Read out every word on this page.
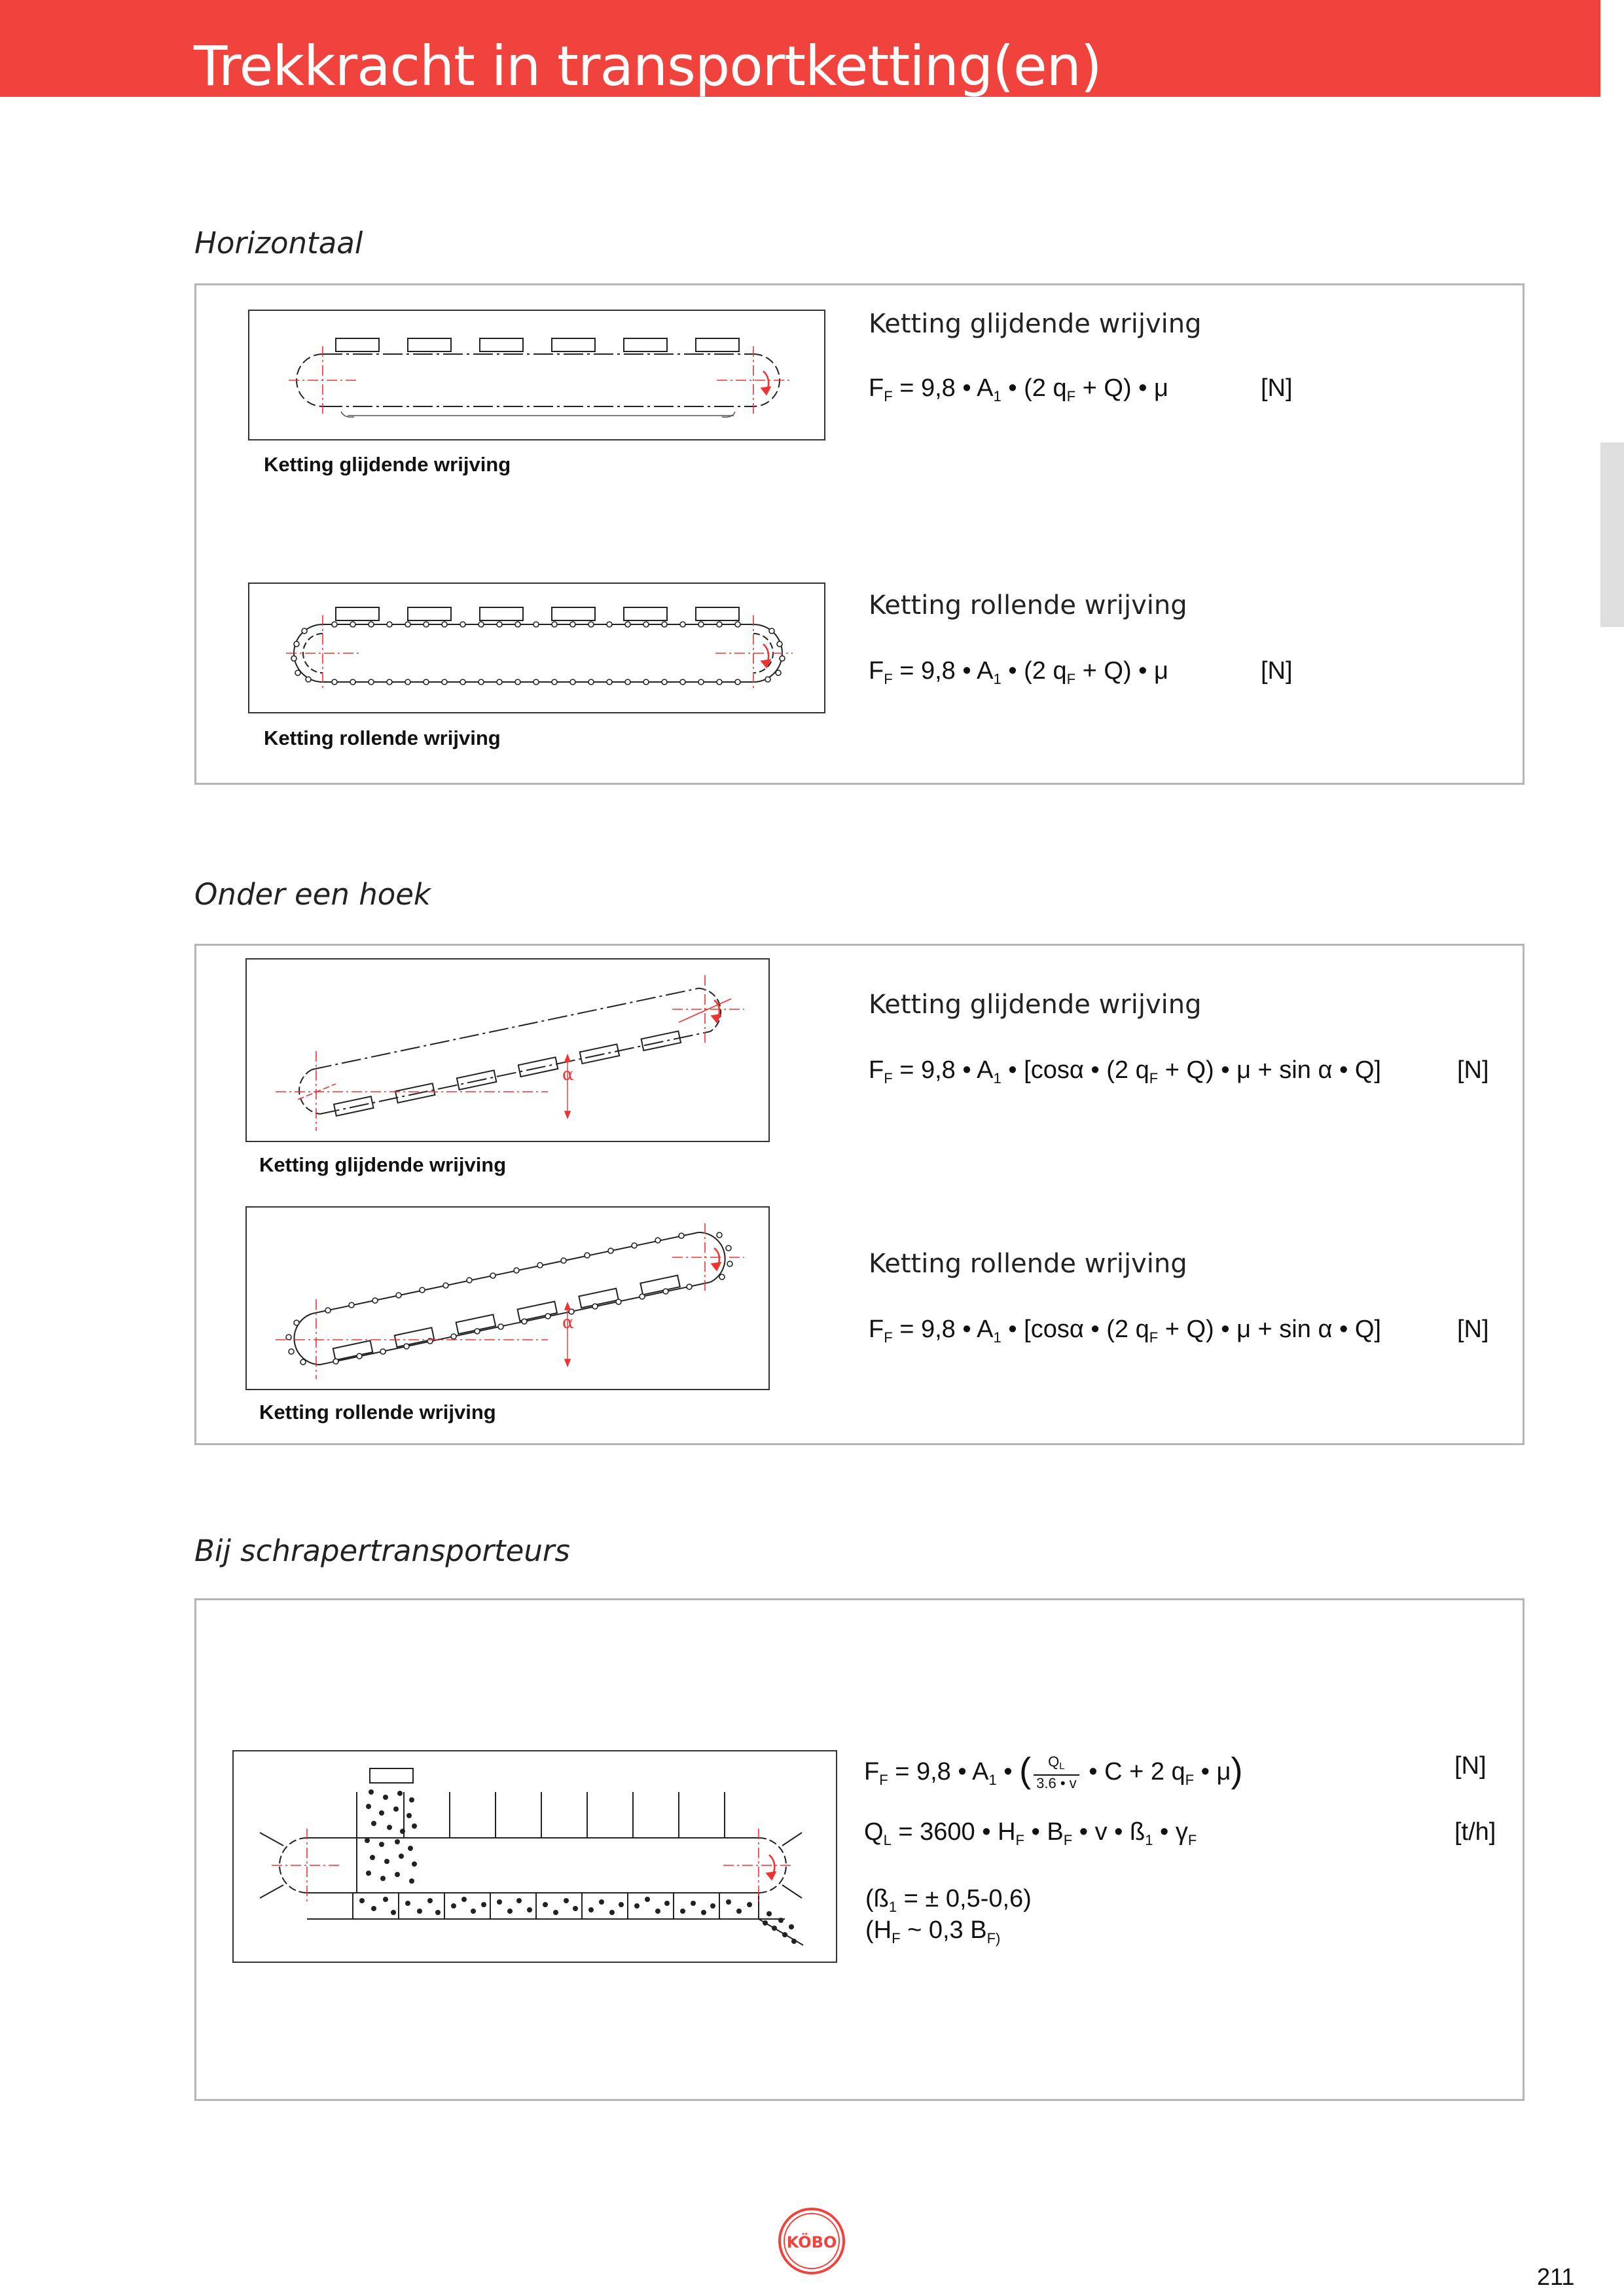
Trekkracht in transportketting(en)
Horizontaal
Ketting glijdende wrijving
Ketting glijdende wrijving
$F_F = 9,8$ • $A_1$ • (2 $q_F + Q$) • μ	[N]
Ketting rollende wrijving
Ketting rollende wrijving
$F_F = 9,8$ • $A_1$ • (2 $q_F + Q$) • μ	[N]
Onder een hoek
α
Ketting glijdende wrijving
Ketting glijdende wrijving
$F_F = 9,8$ • $A_1$ • [cosα • (2 $q_F + Q$) • μ + sin α • Q]	[N]
α
Ketting rollende wrijving
Ketting rollende wrijving
$F_F = 9,8$ • $A_1$ • [cosα • (2 $q_F + Q$) • μ + sin α • Q]	[N]
Bij schrapertransporteurs
$F_F = 9,8$ • $A_1$ • ( $\frac{Q_L}{3.6 • v}$ • C + 2 $q_F$ • μ)	[N]
$Q_L = 3600$ • $H_F$ • $B_F$ • v • $ß_1$ • $\gamma_F$	[t/h]
($ß_1$ = ± 0,5-0,6)
($H_F$ ~ 0,3 $B_{F)}$
KÖBO
211
